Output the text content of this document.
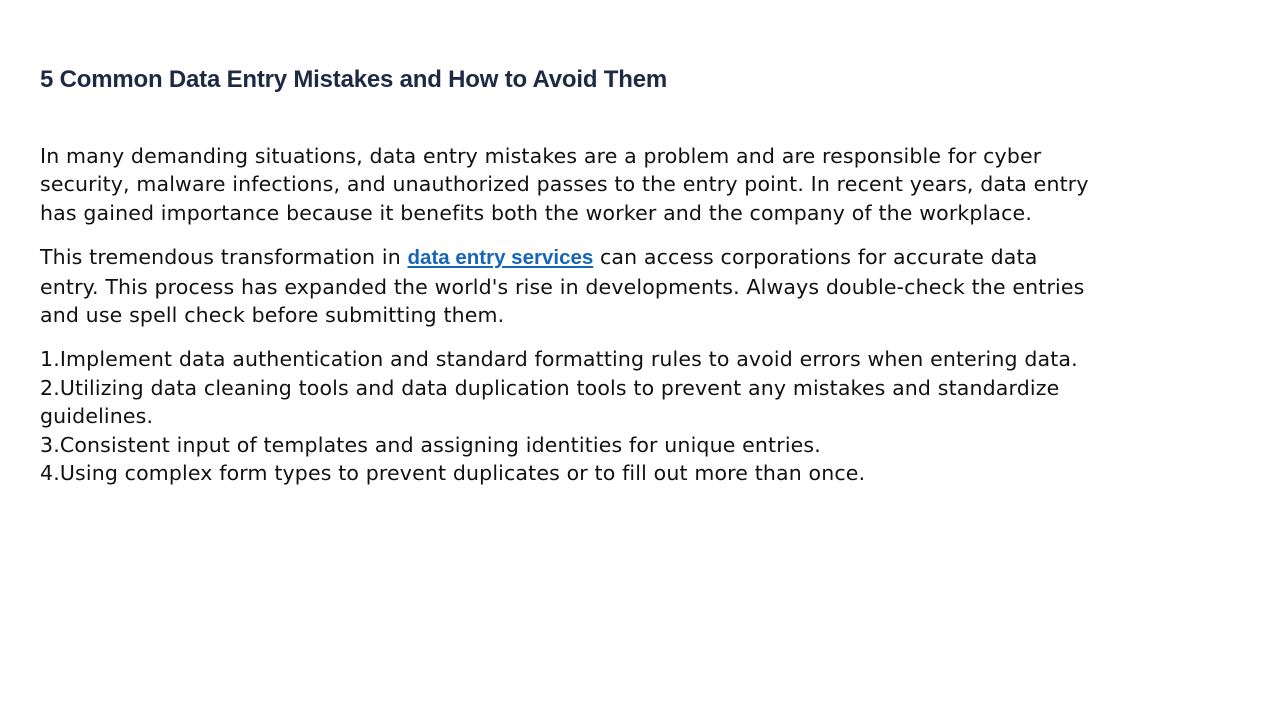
5 Common Data Entry Mistakes and How to Avoid Them

In many demanding situations, data entry mistakes are a problem and are responsible for cyber security, malware infections, and unauthorized passes to the entry point. In recent years, data entry has gained importance because it benefits both the worker and the company of the workplace.

This tremendous transformation in data entry services can access corporations for accurate data entry. This process has expanded the world's rise in developments. Always double-check the entries and use spell check before submitting them.

1.Implement data authentication and standard formatting rules to avoid errors when entering data.
2.Utilizing data cleaning tools and data duplication tools to prevent any mistakes and standardize guidelines.
3.Consistent input of templates and assigning identities for unique entries.
4.Using complex form types to prevent duplicates or to fill out more than once.
